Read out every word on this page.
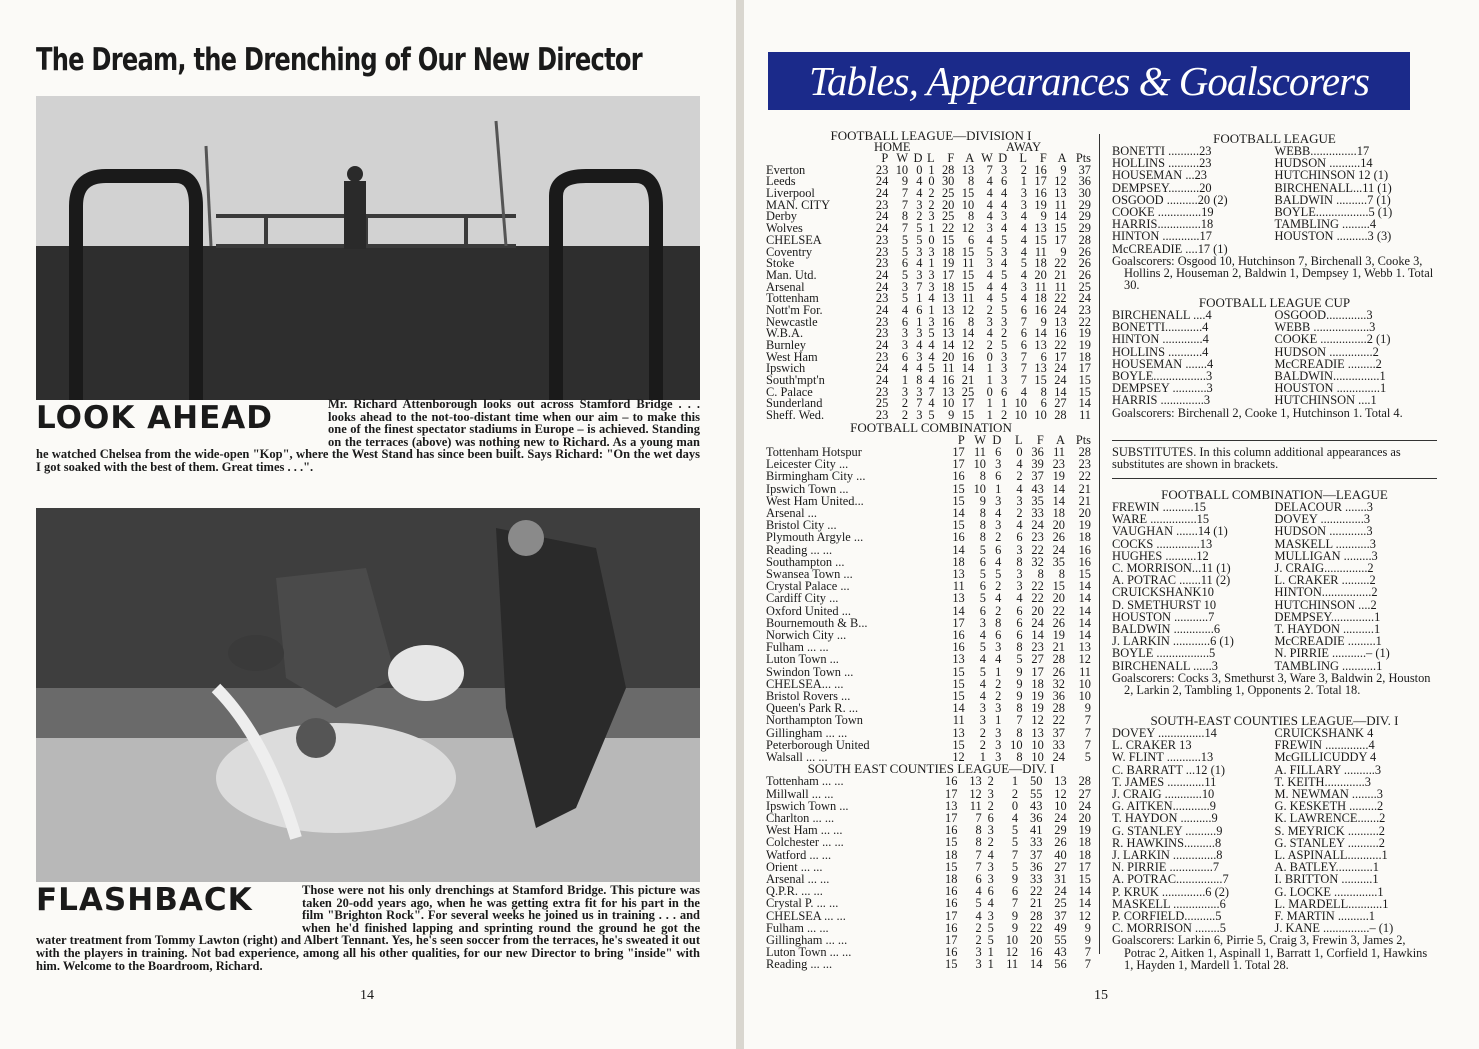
The Dream, the Drenching of Our New Director
LOOK AHEAD	Mr. Richard Attenborough looks out across Stamford Bridge . . . looks ahead to the not-too-distant time when our aim – to make this one of the finest spectator stadiums in Europe – is achieved. Standing on the terraces (above) was nothing new to Richard. As a young man he watched Chelsea from the wide-open "Kop", where the West Stand has since been built. Says Richard: "On the wet days I got soaked with the best of them. Great times . . .".
FLASHBACK	Those were not his only drenchings at Stamford Bridge. This picture was taken 20-odd years ago, when he was getting extra fit for his part in the film "Brighton Rock". For several weeks he joined us in training . . . and when he'd finished lapping and sprinting round the ground he got the water treatment from Tommy Lawton (right) and Albert Tennant. Yes, he's seen soccer from the terraces, he's sweated it out with the players in training. Not bad experience, among all his other qualities, for our new Director to bring "inside" with him. Welcome to the Boardroom, Richard.
14
Tables, Appearances & Goalscorers
FOOTBALL LEAGUE—DIVISION I
HOME	AWAY
	P	W	D	L	F	A	W	D	L	F	A	Pts
Everton	23	10	0	1	28	13	7	3	2	16	9	37
Leeds	24	9	4	0	30	8	4	6	1	17	12	36
Liverpool	24	7	4	2	25	15	4	4	3	16	13	30
MAN. CITY	23	7	3	2	20	10	4	4	3	19	11	29
Derby	24	8	2	3	25	8	4	3	4	9	14	29
Wolves	24	7	5	1	22	12	3	4	4	13	15	29
CHELSEA	23	5	5	0	15	6	4	5	4	15	17	28
Coventry	23	5	3	3	18	15	5	3	4	11	9	26
Stoke	23	6	4	1	19	11	3	4	5	18	22	26
Man. Utd.	24	5	3	3	17	15	4	5	4	20	21	26
Arsenal	24	3	7	3	18	15	4	4	3	11	11	25
Tottenham	23	5	1	4	13	11	4	5	4	18	22	24
Nott'm For.	24	4	6	1	13	12	2	5	6	16	24	23
Newcastle	23	6	1	3	16	8	3	3	7	9	13	22
W.B.A.	23	3	3	5	13	14	4	2	6	14	16	19
Burnley	24	3	4	4	14	12	2	5	6	13	22	19
West Ham	23	6	3	4	20	16	0	3	7	6	17	18
Ipswich	24	4	4	5	11	14	1	3	7	13	24	17
South'mpt'n	24	1	8	4	16	21	1	3	7	15	24	15
C. Palace	23	3	3	7	13	25	0	6	4	8	14	15
Sunderland	25	2	7	4	10	17	1	1	10	6	27	14
Sheff. Wed.	23	2	3	5	9	15	1	2	10	10	28	11
FOOTBALL COMBINATION
	P	W	D	L	F	A	Pts
Tottenham Hotspur	17	11	6	0	36	11	28
Leicester City ...	17	10	3	4	39	23	23
Birmingham City ...	16	8	6	2	37	19	22
Ipswich Town ...	15	10	1	4	43	14	21
West Ham United...	15	9	3	3	35	14	21
Arsenal ...	14	8	4	2	33	18	20
Bristol City ...	15	8	3	4	24	20	19
Plymouth Argyle ...	16	8	2	6	23	26	18
Reading ... ...	14	5	6	3	22	24	16
Southampton ...	18	6	4	8	32	35	16
Swansea Town ...	13	5	5	3	8	8	15
Crystal Palace ...	11	6	2	3	22	15	14
Cardiff City ...	13	5	4	4	22	20	14
Oxford United ...	14	6	2	6	20	22	14
Bournemouth & B...	17	3	8	6	24	26	14
Norwich City ...	16	4	6	6	14	19	14
Fulham ... ...	16	5	3	8	23	21	13
Luton Town ...	13	4	4	5	27	28	12
Swindon Town ...	15	5	1	9	17	26	11
CHELSEA... ...	15	4	2	9	18	32	10
Bristol Rovers ...	15	4	2	9	19	36	10
Queen's Park R. ...	14	3	3	8	19	28	9
Northampton Town	11	3	1	7	12	22	7
Gillingham ... ...	13	2	3	8	13	37	7
Peterborough United	15	2	3	10	10	33	7
Walsall ... ...	12	1	3	8	10	24	5
SOUTH EAST COUNTIES LEAGUE—DIV. I
Tottenham ... ...	16	13	2	1	50	13	28
Millwall ... ...	17	12	3	2	55	12	27
Ipswich Town ...	13	11	2	0	43	10	24
Charlton ... ...	17	7	6	4	36	24	20
West Ham ... ...	16	8	3	5	41	29	19
Colchester ... ...	15	8	2	5	33	26	18
Watford ... ...	18	7	4	7	37	40	18
Orient ... ...	15	7	3	5	36	27	17
Arsenal ... ...	18	6	3	9	33	31	15
Q.P.R. ... ...	16	4	6	6	22	24	14
Crystal P. ... ...	16	5	4	7	21	25	14
CHELSEA ... ...	17	4	3	9	28	37	12
Fulham ... ...	16	2	5	9	22	49	9
Gillingham ... ...	17	2	5	10	20	55	9
Luton Town ... ...	16	3	1	12	16	43	7
Reading ... ...	15	3	1	11	14	56	7
FOOTBALL LEAGUE
BONETTI ..........23	WEBB...............17
HOLLINS ..........23	HUDSON ..........14
HOUSEMAN ...23	HUTCHINSON 12 (1)
DEMPSEY..........20	BIRCHENALL...11 (1)
OSGOOD ..........20 (2)	BALDWIN ..........7 (1)
COOKE ..............19	BOYLE.................5 (1)
HARRIS..............18	TAMBLING .........4
HINTON ............17	HOUSTON ..........3 (3)
McCREADIE ....17 (1)	
Goalscorers: Osgood 10, Hutchinson 7, Birchenall 3, Cooke 3, Hollins 2, Houseman 2, Baldwin 1, Dempsey 1, Webb 1. Total 30.
FOOTBALL LEAGUE CUP
BIRCHENALL ....4	OSGOOD.............3
BONETTI............4	WEBB ..................3
HINTON .............4	COOKE ...............2 (1)
HOLLINS ...........4	HUDSON ..............2
HOUSEMAN .......4	McCREADIE .........2
BOYLE.................3	BALDWIN...............1
DEMPSEY ...........3	HOUSTON ..............1
HARRIS ..............3	HUTCHINSON ....1
Goalscorers: Birchenall 2, Cooke 1, Hutchinson 1. Total 4.
SUBSTITUTES. In this column additional appearances as substitutes are shown in brackets.
FOOTBALL COMBINATION—LEAGUE
FREWIN ..........15	DELACOUR .......3
WARE ...............15	DOVEY ..............3
VAUGHAN .......14 (1)	HUDSON ............3
COCKS ..............13	MASKELL ...........3
HUGHES ..........12	MULLIGAN .........3
C. MORRISON...11 (1)	J. CRAIG..............2
A. POTRAC .......11 (2)	L. CRAKER .........2
CRUICKSHANK10	HINTON................2
D. SMETHURST 10	HUTCHINSON ....2
HOUSTON ...........7	DEMPSEY..............1
BALDWIN .............6	T. HAYDON ..........1
J. LARKIN ............6 (1)	McCREADIE .........1
BOYLE .................5	N. PIRRIE ...........– (1)
BIRCHENALL ......3	TAMBLING ...........1
Goalscorers: Cocks 3, Smethurst 3, Ware 3, Baldwin 2, Houston 2, Larkin 2, Tambling 1, Opponents 2. Total 18.
SOUTH-EAST COUNTIES LEAGUE—DIV. I
DOVEY ...............14	CRUICKSHANK 4
L. CRAKER 13	FREWIN ..............4
W. FLINT ...........13	McGILLICUDDY 4
C. BARRATT ...12 (1)	A. FILLARY ..........3
T. JAMES ............11	T. KEITH.............3
J. CRAIG ............10	M. NEWMAN ........3
G. AITKEN............9	G. KESKETH .........2
T. HAYDON ..........9	K. LAWRENCE.......2
G. STANLEY ..........9	S. MEYRICK ..........2
R. HAWKINS..........8	G. STANLEY ..........2
J. LARKIN ..............8	L. ASPINALL...........1
N. PIRRIE ..............7	A. BATLEY............1
A. POTRAC...............7	I. BRITTON ..........1
P. KRUK ..............6 (2)	G. LOCKE ..............1
MASKELL ...............6	L. MARDELL...........1
P. CORFIELD..........5	F. MARTIN ..........1
C. MORRISON ........5	J. KANE ...............– (1)
Goalscorers: Larkin 6, Pirrie 5, Craig 3, Frewin 3, James 2, Potrac 2, Aitken 1, Aspinall 1, Barratt 1, Corfield 1, Hawkins 1, Hayden 1, Mardell 1. Total 28.
15
